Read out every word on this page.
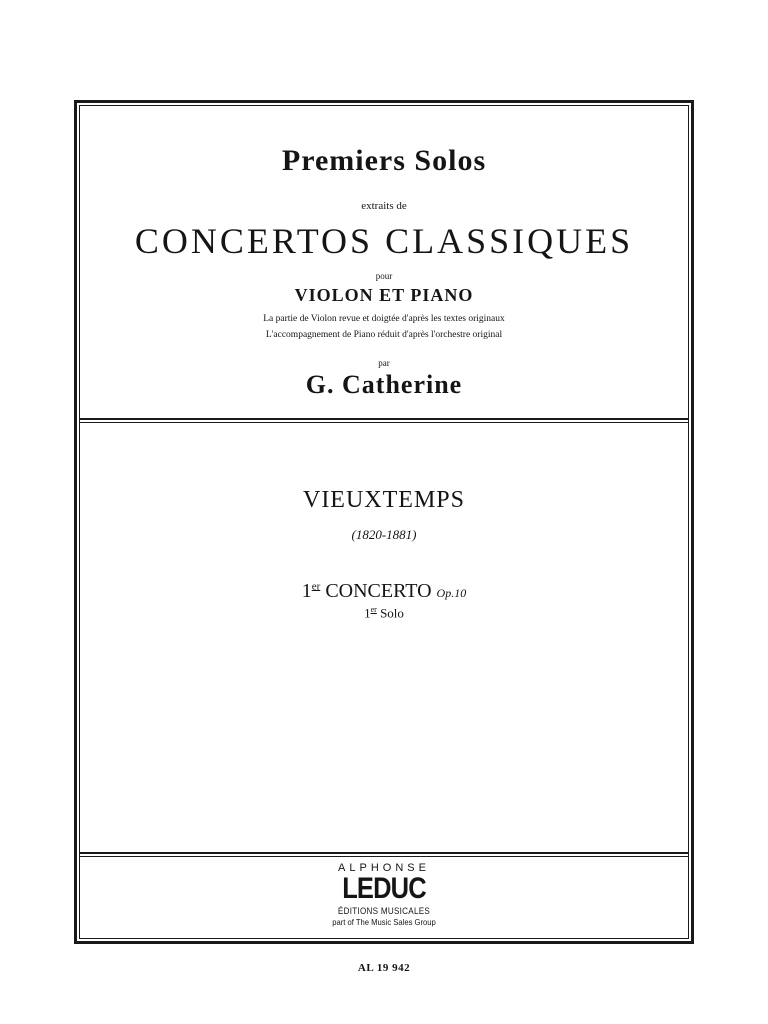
Premiers Solos
extraits de
CONCERTOS CLASSIQUES
pour
VIOLON ET PIANO
La partie de Violon revue et doigtée d'après les textes originaux
L'accompagnement de Piano réduit d'après l'orchestre original
par
G. Catherine
VIEUXTEMPS
(1820-1881)
1er CONCERTO Op.10
1er Solo
ALPHONSE
LEDUC
ÉDITIONS MUSICALES
part of The Music Sales Group
AL 19 942
